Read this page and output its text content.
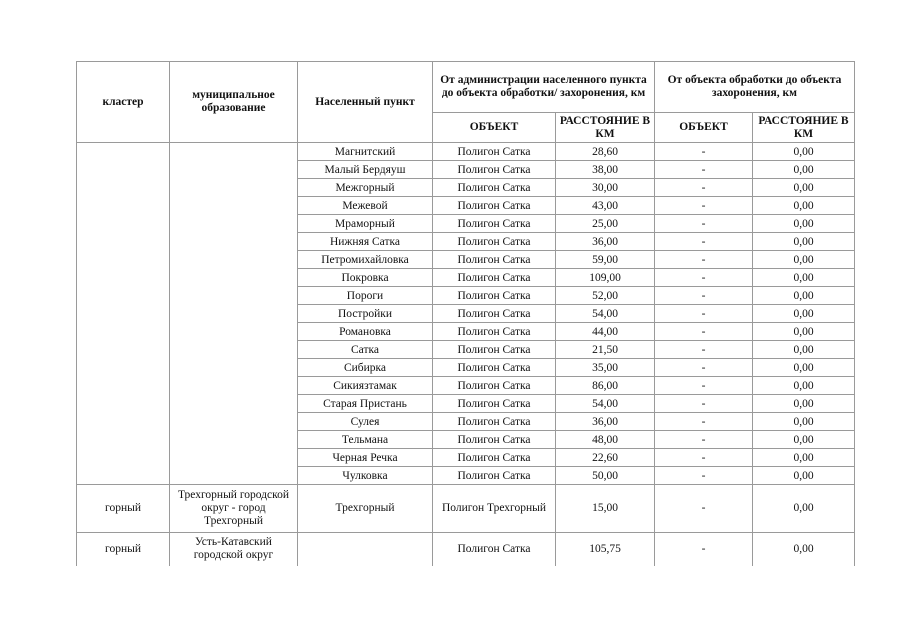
кластер	муниципальное образование	Населенный пункт	От администрации населенного пункта до объекта обработки/ захоронения, км		От объекта обработки до объекта захоронения, км	
			ОБЪЕКТ	РАССТОЯНИЕ В КМ	ОБЪЕКТ	РАССТОЯНИЕ В КМ
		Магнитский	Полигон Сатка	28,60	-	0,00
		Малый Бердяуш	Полигон Сатка	38,00	-	0,00
		Межгорный	Полигон Сатка	30,00	-	0,00
		Межевой	Полигон Сатка	43,00	-	0,00
		Мраморный	Полигон Сатка	25,00	-	0,00
		Нижняя Сатка	Полигон Сатка	36,00	-	0,00
		Петромихайловка	Полигон Сатка	59,00	-	0,00
		Покровка	Полигон Сатка	109,00	-	0,00
		Пороги	Полигон Сатка	52,00	-	0,00
		Постройки	Полигон Сатка	54,00	-	0,00
		Романовка	Полигон Сатка	44,00	-	0,00
		Сатка	Полигон Сатка	21,50	-	0,00
		Сибирка	Полигон Сатка	35,00	-	0,00
		Сикиязтамак	Полигон Сатка	86,00	-	0,00
		Старая Пристань	Полигон Сатка	54,00	-	0,00
		Сулея	Полигон Сатка	36,00	-	0,00
		Тельмана	Полигон Сатка	48,00	-	0,00
		Черная Речка	Полигон Сатка	22,60	-	0,00
		Чулковка	Полигон Сатка	50,00	-	0,00
горный	Трехгорный городской округ - город Трехгорный	Трехгорный	Полигон Трехгорный	15,00	-	0,00
горный	Усть-Катавский городской округ		Полигон Сатка	105,75	-	0,00
